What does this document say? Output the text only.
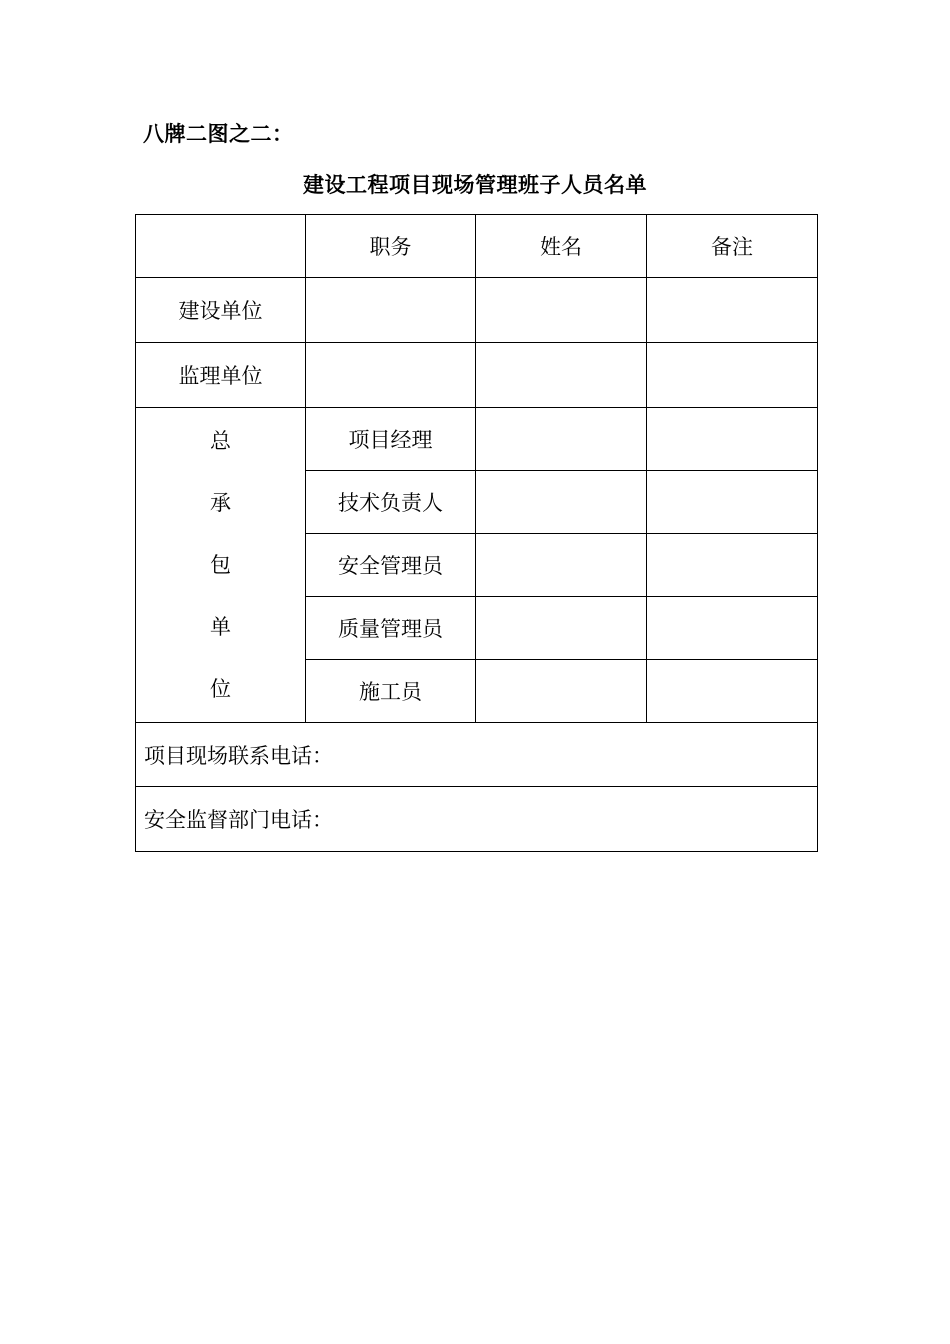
八牌二图之二：
建设工程项目现场管理班子人员名单
	职务	姓名	备注
建设单位			
监理单位			

总
承
包
单
位	项目经理		
	技术负责人		
	安全管理员		
	质量管理员		
	施工员		
项目现场联系电话：			
安全监督部门电话：			
